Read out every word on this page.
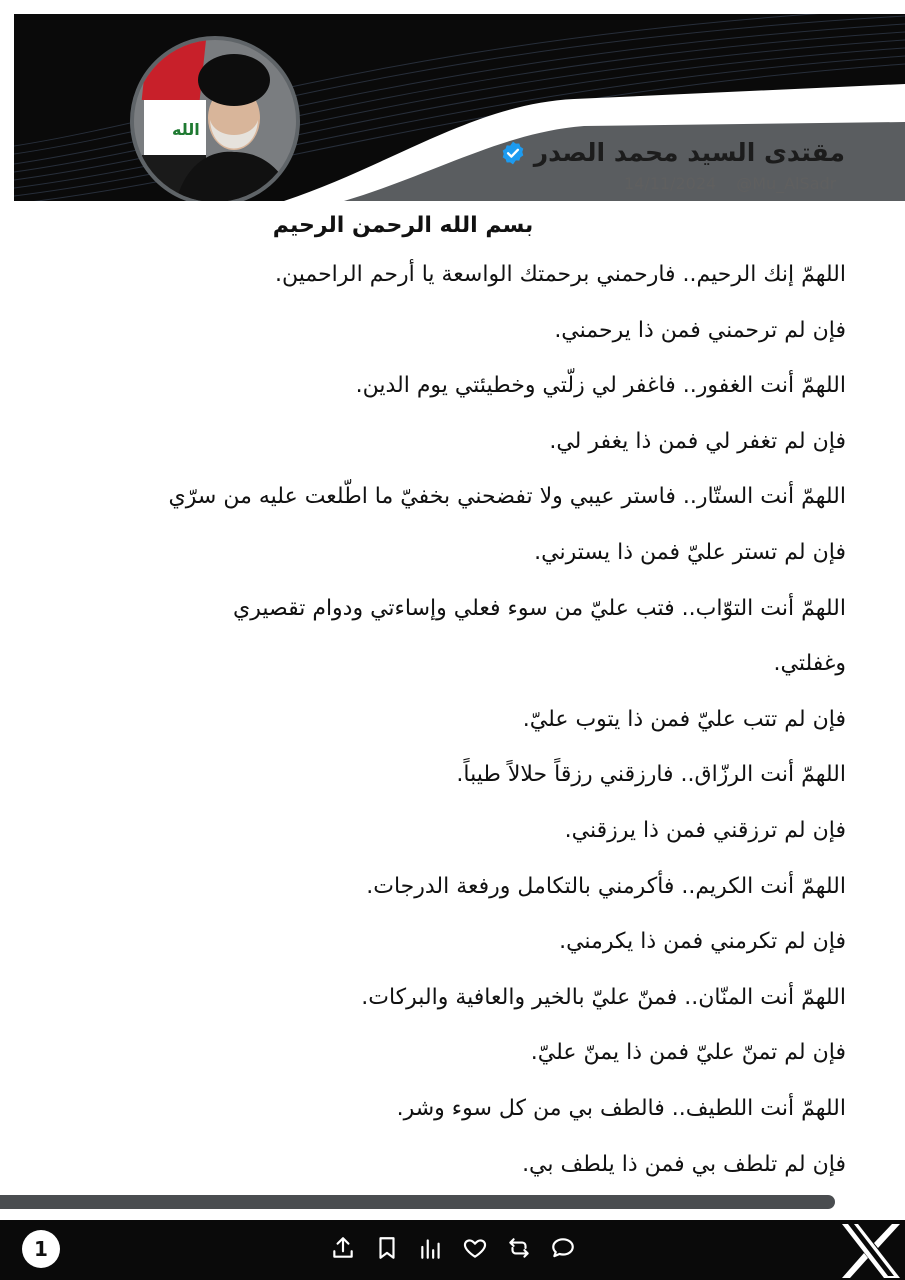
الله
مقتدى السيد محمد الصدر
14/11/2024 @Mu_AlSadr

بسم الله الرحمن الرحيم

اللهمّ إنك الرحيم.. فارحمني برحمتك الواسعة يا أرحم الراحمين.

فإن لم ترحمني فمن ذا يرحمني.

اللهمّ أنت الغفور.. فاغفر لي زلّتي وخطيئتي يوم الدين.

فإن لم تغفر لي فمن ذا يغفر لي.

اللهمّ أنت الستّار.. فاستر عيبي ولا تفضحني بخفيّ ما اطّلعت عليه من سرّي

فإن لم تستر عليّ فمن ذا يسترني.

اللهمّ أنت التوّاب.. فتب عليّ من سوء فعلي وإساءتي ودوام تقصيري

وغفلتي.

فإن لم تتب عليّ فمن ذا يتوب عليّ.

اللهمّ أنت الرزّاق.. فارزقني رزقاً حلالاً طيباً.

فإن لم ترزقني فمن ذا يرزقني.

اللهمّ أنت الكريم.. فأكرمني بالتكامل ورفعة الدرجات.

فإن لم تكرمني فمن ذا يكرمني.

اللهمّ أنت المنّان.. فمنّ عليّ بالخير والعافية والبركات.

فإن لم تمنّ عليّ فمن ذا يمنّ عليّ.

اللهمّ أنت اللطيف.. فالطف بي من كل سوء وشر.

فإن لم تلطف بي فمن ذا يلطف بي.

1
